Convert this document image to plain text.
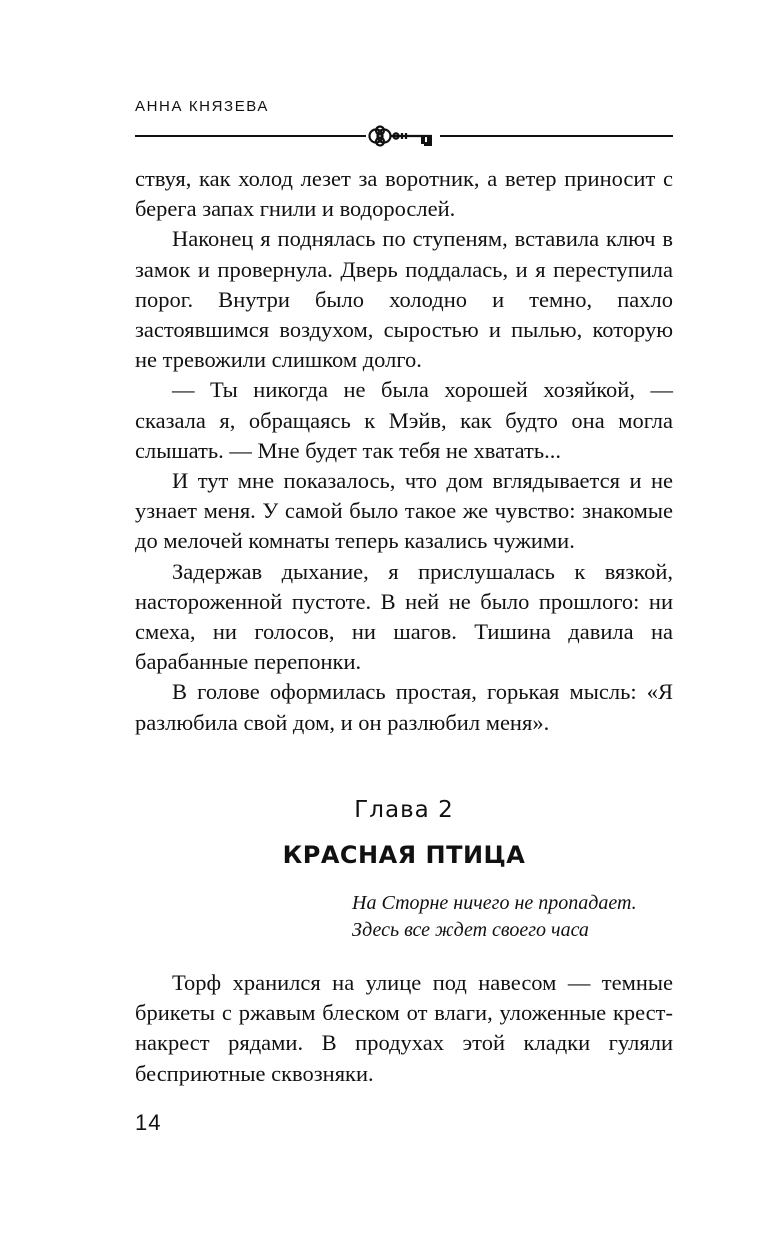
АННА КНЯЗЕВА

ствуя, как холод лезет за воротник, а ветер приносит с берега запах гнили и водорослей.

Наконец я поднялась по ступеням, вставила ключ в замок и провернула. Дверь поддалась, и я переступила порог. Внутри было холодно и темно, пахло застоявшимся воздухом, сыростью и пылью, которую не тревожили слишком долго.

— Ты никогда не была хорошей хозяйкой, — сказала я, обращаясь к Мэйв, как будто она могла слышать. — Мне будет так тебя не хватать...

И тут мне показалось, что дом вглядывается и не узнает меня. У самой было такое же чувство: знакомые до мелочей комнаты теперь казались чужими.

Задержав дыхание, я прислушалась к вязкой, настороженной пустоте. В ней не было прошлого: ни смеха, ни голосов, ни шагов. Тишина давила на барабанные перепонки.

В голове оформилась простая, горькая мысль: «Я разлюбила свой дом, и он разлюбил меня».

Глава 2
КРАСНАЯ ПТИЦА
На Сторне ничего не пропадает.
Здесь все ждет своего часа

Торф хранился на улице под навесом — темные брикеты с ржавым блеском от влаги, уложенные крест-накрест рядами. В продухах этой кладки гуляли бесприютные сквозняки.

14
